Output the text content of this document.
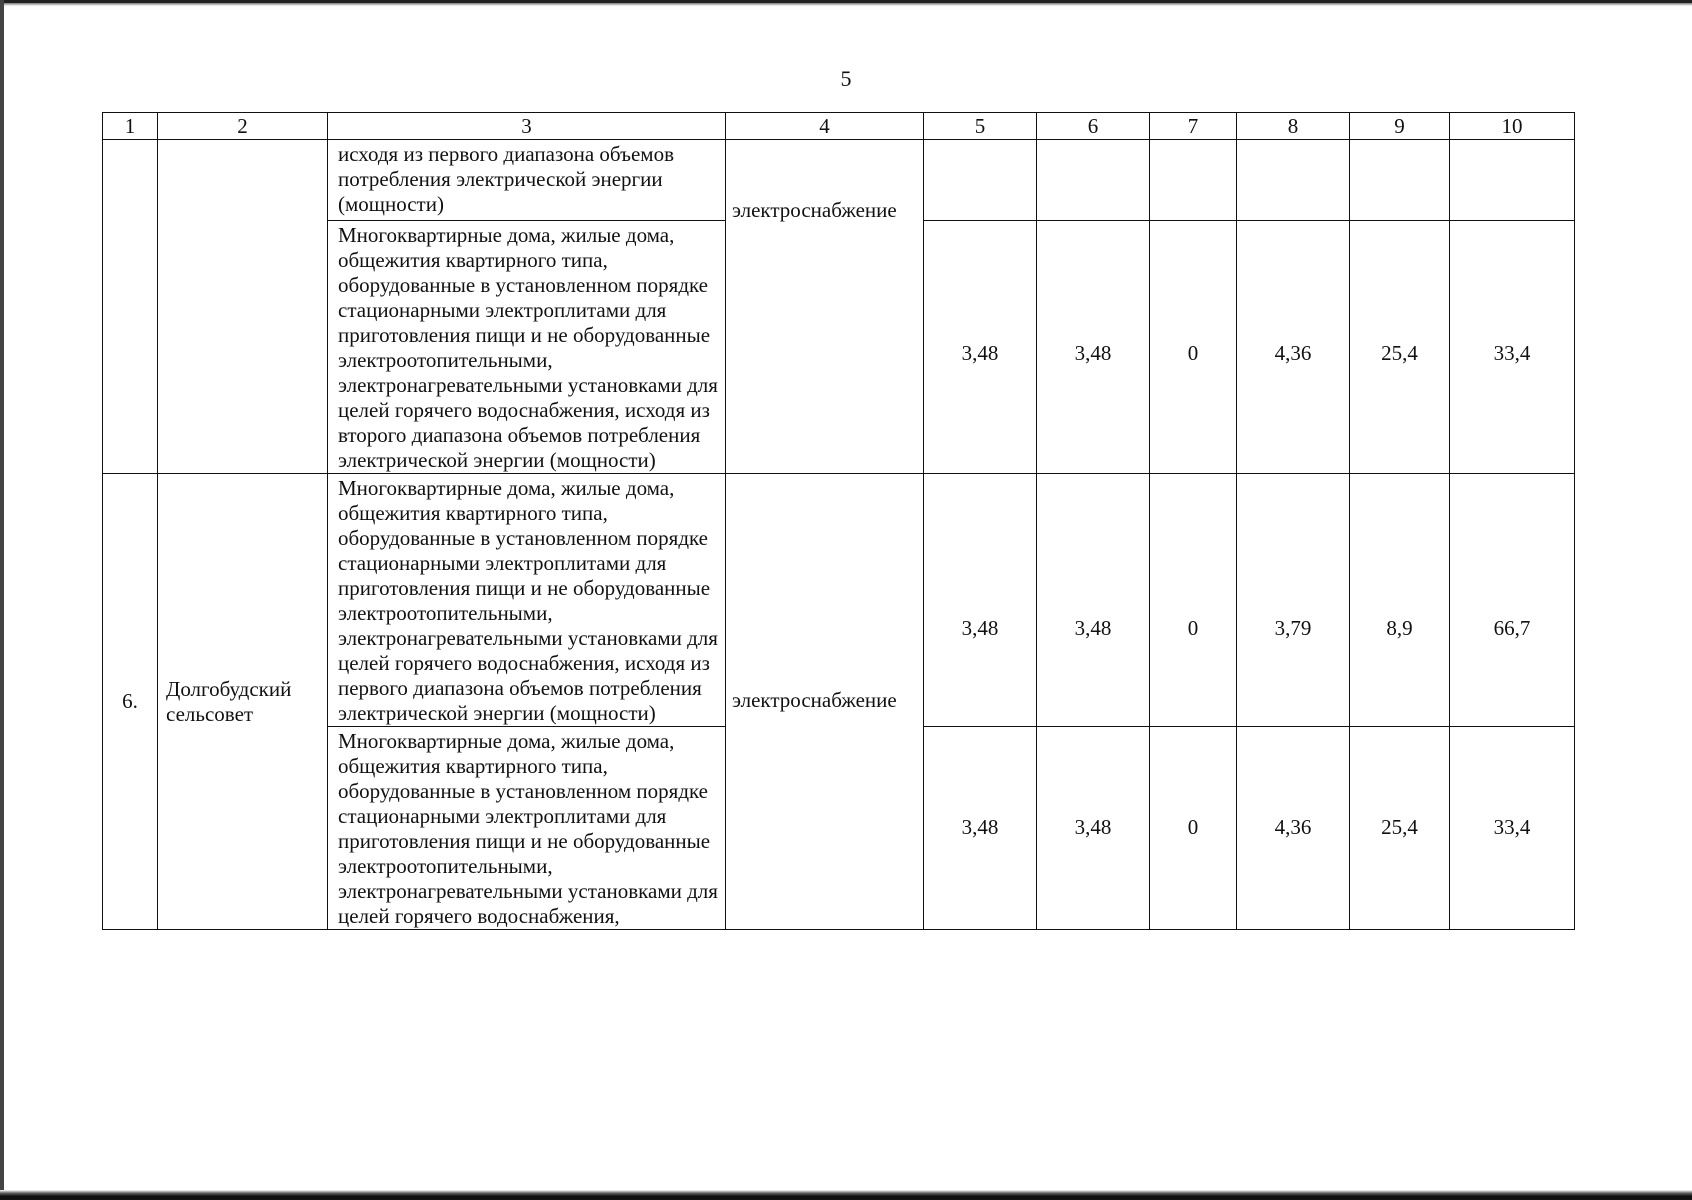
5
1	2	3	4	5	6	7	8	9	10
		исходя из первого диапазона объемов потребления электрической энергии (мощности)	электроснабжение						
		Многоквартирные дома, жилые дома, общежития квартирного типа, оборудованные в установленном порядке стационарными электроплитами для приготовления пищи и не оборудованные электроотопительными, электронагревательными установками для целей горячего водоснабжения, исходя из второго диапазона объемов потребления электрической энергии (мощности)		3,48	3,48	0	4,36	25,4	33,4
6.	Долгобудский сельсовет	Многоквартирные дома, жилые дома, общежития квартирного типа, оборудованные в установленном порядке стационарными электроплитами для приготовления пищи и не оборудованные электроотопительными, электронагревательными установками для целей горячего водоснабжения, исходя из первого диапазона объемов потребления электрической энергии (мощности)	электроснабжение	3,48	3,48	0	3,79	8,9	66,7
		Многоквартирные дома, жилые дома, общежития квартирного типа, оборудованные в установленном порядке стационарными электроплитами для приготовления пищи и не оборудованные электроотопительными, электронагревательными установками для целей горячего водоснабжения,		3,48	3,48	0	4,36	25,4	33,4
